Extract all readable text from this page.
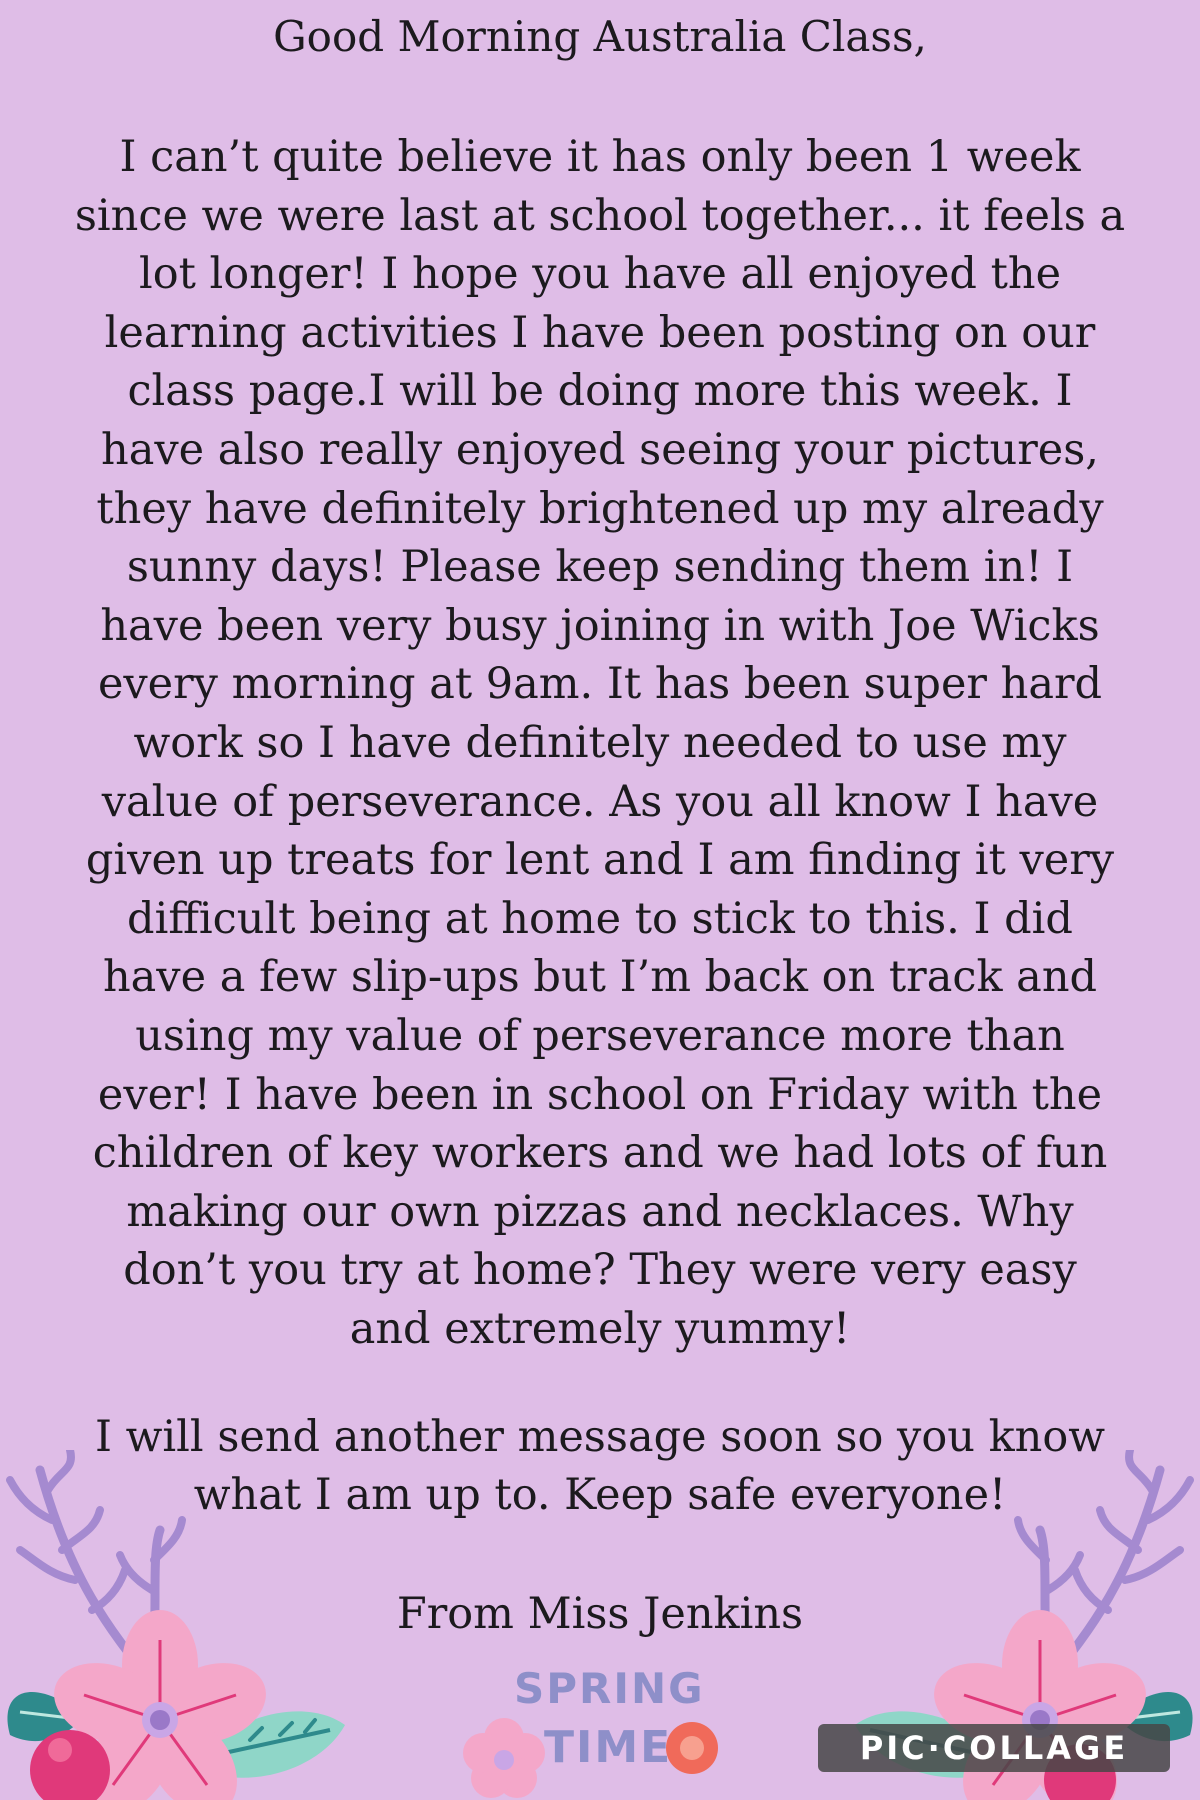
Good Morning Australia Class,
I can’t quite believe it has only been 1 week
since we were last at school together... it feels a
lot longer! I hope you have all enjoyed the
learning activities I have been posting on our
class page.I will be doing more this week. I
have also really enjoyed seeing your pictures,
they have definitely brightened up my already
sunny days! Please keep sending them in! I
have been very busy joining in with Joe Wicks
every morning at 9am. It has been super hard
work so I have definitely needed to use my
value of perseverance. As you all know I have
given up treats for lent and I am finding it very
difficult being at home to stick to this. I did
have a few slip-ups but I’m back on track and
using my value of perseverance more than
ever! I have been in school on Friday with the
children of key workers and we had lots of fun
making our own pizzas and necklaces. Why
don’t you try at home? They were very easy
and extremely yummy!
I will send another message soon so you know
what I am up to. Keep safe everyone!
From Miss Jenkins
SPRING
TIME	PIC·COLLAGE
